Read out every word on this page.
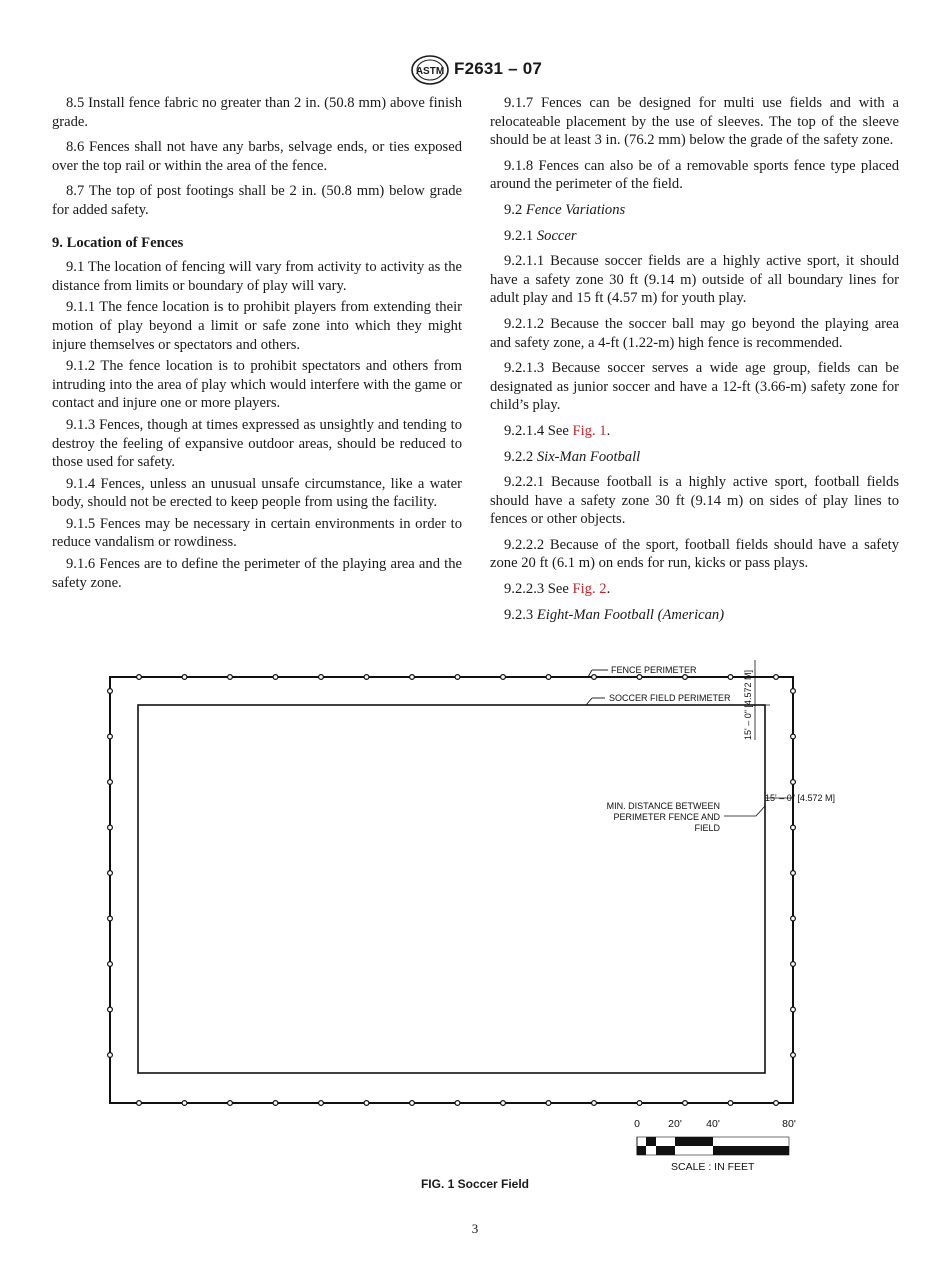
ASTM F2631 – 07

8.5 Install fence fabric no greater than 2 in. (50.8 mm) above finish grade.

8.6 Fences shall not have any barbs, selvage ends, or ties exposed over the top rail or within the area of the fence.

8.7 The top of post footings shall be 2 in. (50.8 mm) below grade for added safety.

9. Location of Fences

9.1 The location of fencing will vary from activity to activity as the distance from limits or boundary of play will vary.

9.1.1 The fence location is to prohibit players from extending their motion of play beyond a limit or safe zone into which they might injure themselves or spectators and others.

9.1.2 The fence location is to prohibit spectators and others from intruding into the area of play which would interfere with the game or contact and injure one or more players.

9.1.3 Fences, though at times expressed as unsightly and tending to destroy the feeling of expansive outdoor areas, should be reduced to those used for safety.

9.1.4 Fences, unless an unusual unsafe circumstance, like a water body, should not be erected to keep people from using the facility.

9.1.5 Fences may be necessary in certain environments in order to reduce vandalism or rowdiness.

9.1.6 Fences are to define the perimeter of the playing area and the safety zone.

9.1.7 Fences can be designed for multi use fields and with a relocateable placement by the use of sleeves. The top of the sleeve should be at least 3 in. (76.2 mm) below the grade of the safety zone.

9.1.8 Fences can also be of a removable sports fence type placed around the perimeter of the field.

9.2 Fence Variations

9.2.1 Soccer

9.2.1.1 Because soccer fields are a highly active sport, it should have a safety zone 30 ft (9.14 m) outside of all boundary lines for adult play and 15 ft (4.57 m) for youth play.

9.2.1.2 Because the soccer ball may go beyond the playing area and safety zone, a 4-ft (1.22-m) high fence is recommended.

9.2.1.3 Because soccer serves a wide age group, fields can be designated as junior soccer and have a 12-ft (3.66-m) safety zone for child’s play.

9.2.1.4 See Fig. 1.

9.2.2 Six-Man Football

9.2.2.1 Because football is a highly active sport, football fields should have a safety zone 30 ft (9.14 m) on sides of play lines to fences or other objects.

9.2.2.2 Because of the sport, football fields should have a safety zone 20 ft (6.1 m) on ends for run, kicks or pass plays.

9.2.2.3 See Fig. 2.

9.2.3 Eight-Man Football (American)

FENCE PERIMETER
SOCCER FIELD PERIMETER 15' – 0" [4.572 M]
15' – 0" [4.572 M]
MIN. DISTANCE BETWEEN
PERIMETER FENCE AND
FIELD
0	20' 40'	80'
SCALE : IN FEET
FIG. 1 Soccer Field
3
